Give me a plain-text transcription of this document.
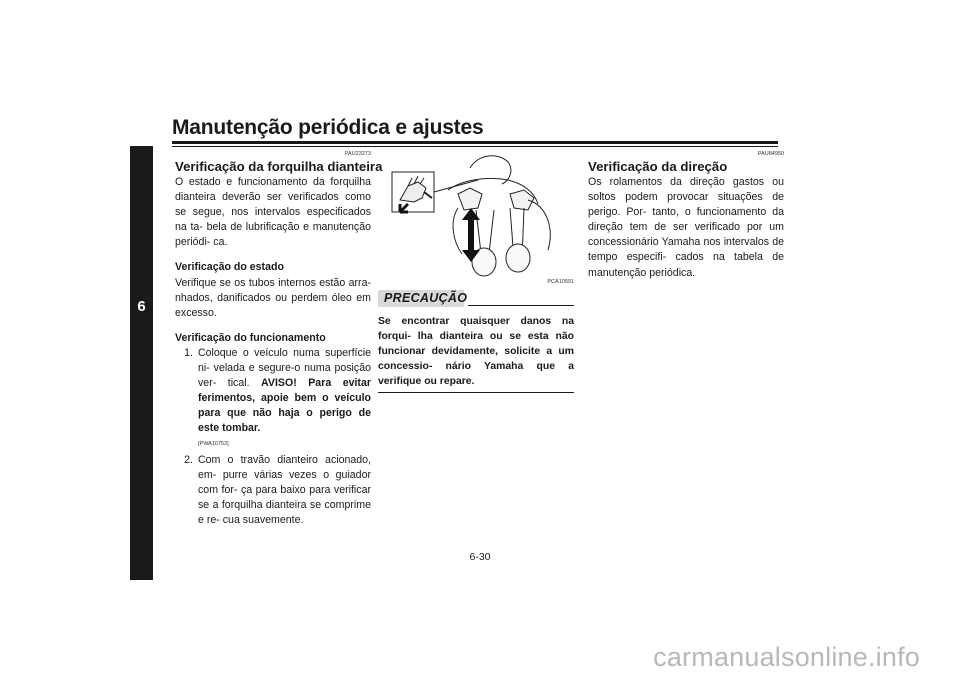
Manutenção periódica e ajustes
6
PAU23273
Verificação da forquilha dianteira

O estado e funcionamento da forquilha dianteira deverão ser verificados como se segue, nos intervalos especificados na ta- bela de lubrificação e manutenção periódi- ca.

Verificação do estado

Verifique se os tubos internos estão arra- nhados, danificados ou perdem óleo em excesso.

Verificação do funcionamento

1. Coloque o veículo numa superfície ni- velada e segure-o numa posição ver- tical. AVISO! Para evitar ferimentos, apoie bem o veículo para que não haja o perigo de este tombar.
[PWA10752]
2. Com o travão dianteiro acionado, em- purre várias vezes o guiador com for- ça para baixo para verificar se a forquilha dianteira se comprime e re- cua suavemente.
PCA10591
PRECAUÇÃO

Se encontrar quaisquer danos na forqui- lha dianteira ou se esta não funcionar devidamente, solicite a um concessio- nário Yamaha que a verifique ou repare.

PAU84950
Verificação da direção

Os rolamentos da direção gastos ou soltos podem provocar situações de perigo. Por- tanto, o funcionamento da direção tem de ser verificado por um concessionário Yamaha nos intervalos de tempo especifi- cados na tabela de manutenção periódica.

6-30
carmanualsonline.info
